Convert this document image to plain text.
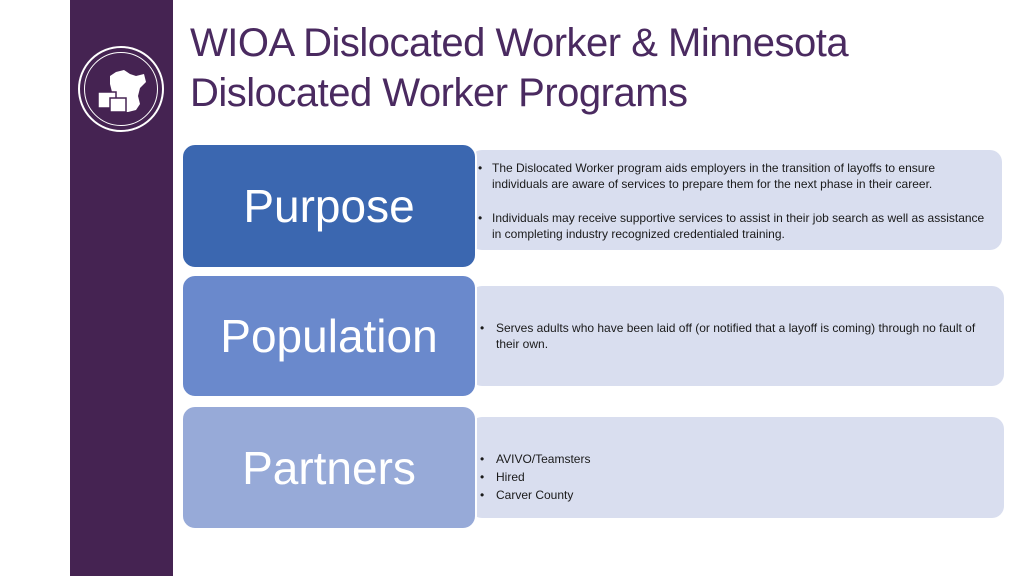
WIOA Dislocated Worker & Minnesota
Dislocated Worker Programs

• The Dislocated Worker program aids employers in the transition of layoffs to ensure individuals are aware of services to prepare them for the next phase in their career.

• Individuals may receive supportive services to assist in their job search as well as assistance in completing industry recognized credentialed training.

Purpose

• Serves adults who have been laid off (or notified that a layoff is coming) through no fault of their own.

Population

• AVIVO/Teamsters

• Hired

• Carver County

Partners
